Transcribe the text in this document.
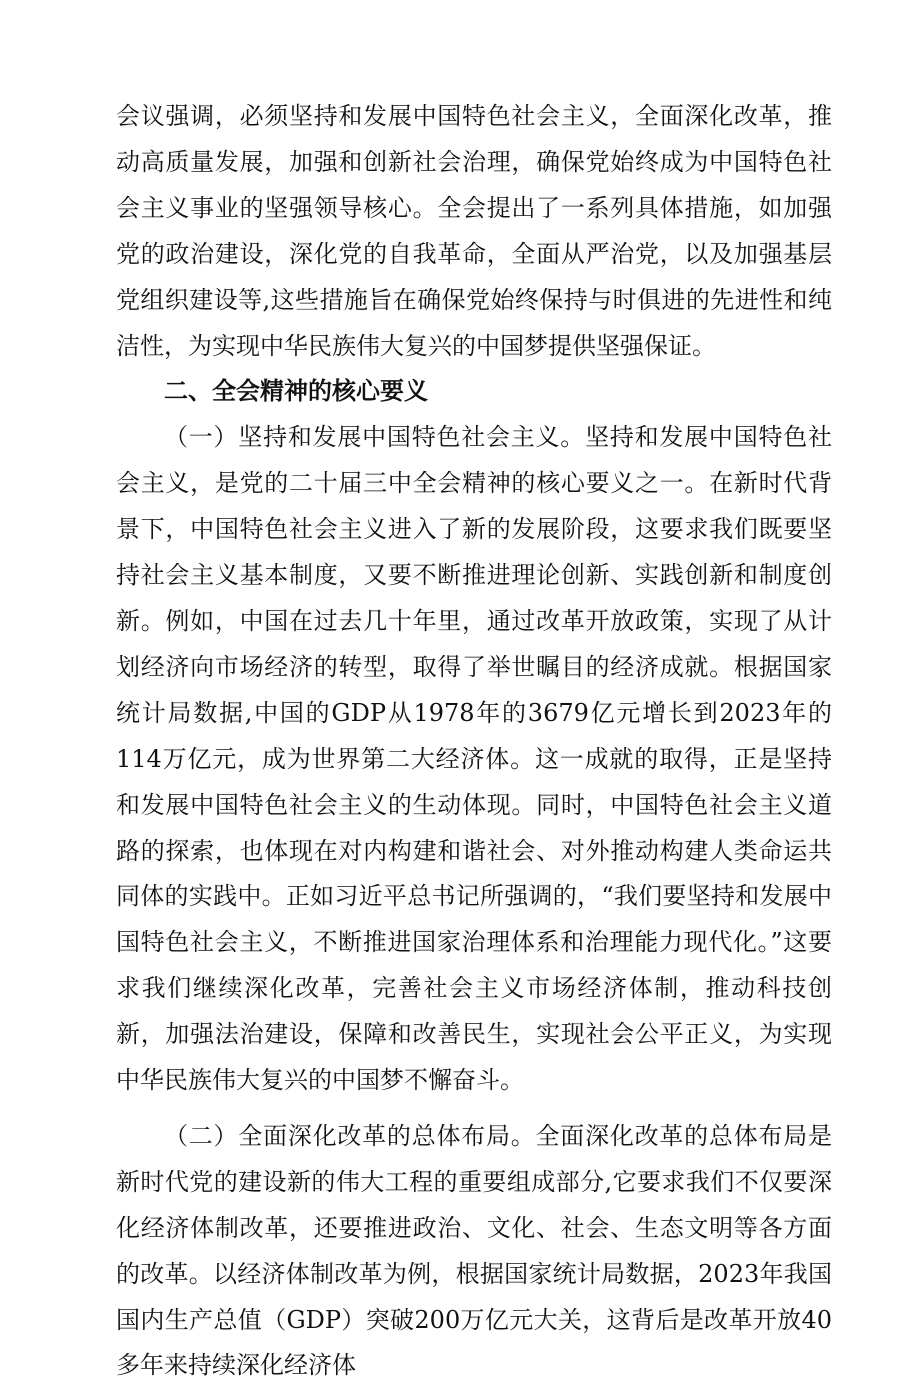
会议强调，必须坚持和发展中国特色社会主义，全面深化改革，推动高质量发展，加强和创新社会治理，确保党始终成为中国特色社会主义事业的坚强领导核心。全会提出了一系列具体措施，如加强党的政治建设，深化党的自我革命，全面从严治党，以及加强基层党组织建设等,这些措施旨在确保党始终保持与时俱进的先进性和纯洁性，为实现中华民族伟大复兴的中国梦提供坚强保证。

二、全会精神的核心要义

（一）坚持和发展中国特色社会主义。坚持和发展中国特色社会主义，是党的二十届三中全会精神的核心要义之一。在新时代背景下，中国特色社会主义进入了新的发展阶段，这要求我们既要坚持社会主义基本制度，又要不断推进理论创新、实践创新和制度创新。例如，中国在过去几十年里，通过改革开放政策，实现了从计划经济向市场经济的转型，取得了举世瞩目的经济成就。根据国家统计局数据,中国的GDP从1978年的3679亿元增长到2023年的114万亿元，成为世界第二大经济体。这一成就的取得，正是坚持和发展中国特色社会主义的生动体现。同时，中国特色社会主义道路的探索，也体现在对内构建和谐社会、对外推动构建人类命运共同体的实践中。正如习近平总书记所强调的，“我们要坚持和发展中国特色社会主义，不断推进国家治理体系和治理能力现代化。”这要求我们继续深化改革，完善社会主义市场经济体制，推动科技创新，加强法治建设，保障和改善民生，实现社会公平正义，为实现中华民族伟大复兴的中国梦不懈奋斗。

（二）全面深化改革的总体布局。全面深化改革的总体布局是新时代党的建设新的伟大工程的重要组成部分,它要求我们不仅要深化经济体制改革，还要推进政治、文化、社会、生态文明等各方面的改革。以经济体制改革为例，根据国家统计局数据，2023年我国国内生产总值（GDP）突破200万亿元大关，这背后是改革开放40多年来持续深化经济体
